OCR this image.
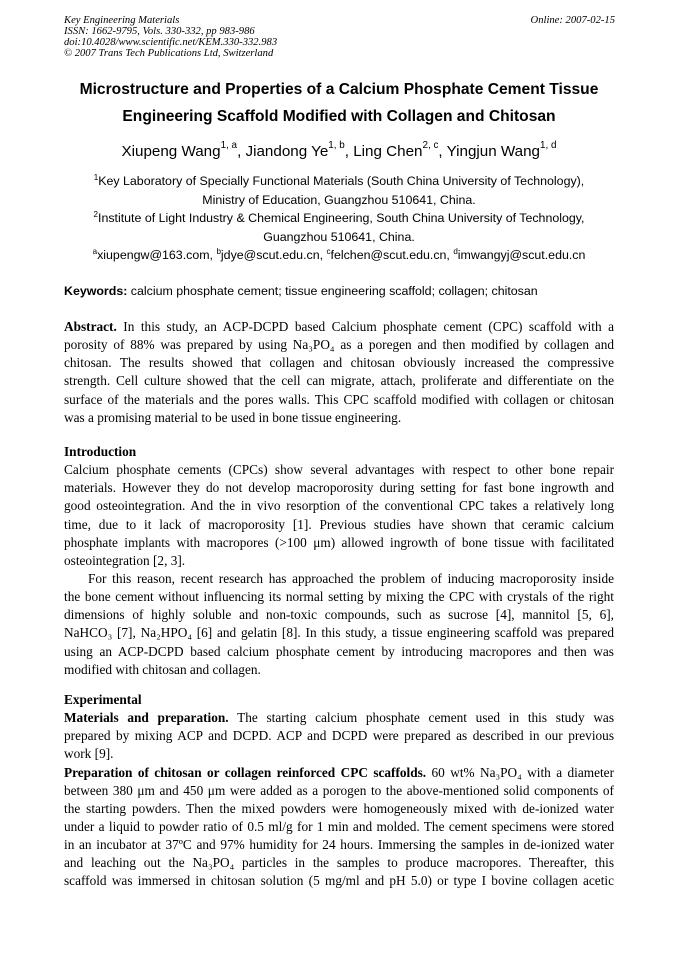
Key Engineering Materials
ISSN: 1662-9795, Vols. 330-332, pp 983-986
doi:10.4028/www.scientific.net/KEM.330-332.983
© 2007 Trans Tech Publications Ltd, Switzerland
Online: 2007-02-15
Microstructure and Properties of a Calcium Phosphate Cement Tissue
Engineering Scaffold Modified with Collagen and Chitosan
Xiupeng Wang$^{1, a}$, Jiandong Ye$^{1, b}$, Ling Chen$^{2, c}$, Yingjun Wang$^{1, d}$
$^1$Key Laboratory of Specially Functional Materials (South China University of Technology),
Ministry of Education, Guangzhou 510641, China.
$^2$Institute of Light Industry & Chemical Engineering, South China University of Technology,
Guangzhou 510641, China.
$^a$xiupengw@163.com, $^b$jdye@scut.edu.cn, $^c$felchen@scut.edu.cn, $^d$imwangyj@scut.edu.cn
Keywords: calcium phosphate cement; tissue engineering scaffold; collagen; chitosan
Abstract. In this study, an ACP-DCPD based Calcium phosphate cement (CPC) scaffold with a
porosity of 88% was prepared by using Na₃PO₄ as a poregen and then modified by collagen and
chitosan. The results showed that collagen and chitosan obviously increased the compressive
strength. Cell culture showed that the cell can migrate, attach, proliferate and differentiate on the
surface of the materials and the pores walls. This CPC scaffold modified with collagen or chitosan
was a promising material to be used in bone tissue engineering.
Introduction
Calcium phosphate cements (CPCs) show several advantages with respect to other bone repair
materials. However they do not develop macroporosity during setting for fast bone ingrowth and
good osteointegration. And the in vivo resorption of the conventional CPC takes a relatively long
time, due to it lack of macroporosity [1]. Previous studies have shown that ceramic calcium
phosphate implants with macropores (>100 μm) allowed ingrowth of bone tissue with facilitated
osteointegration [2, 3].
For this reason, recent research has approached the problem of inducing macroporosity inside
the bone cement without influencing its normal setting by mixing the CPC with crystals of the right
dimensions of highly soluble and non-toxic compounds, such as sucrose [4], mannitol [5, 6],
NaHCO₃ [7], Na₂HPO₄ [6] and gelatin [8]. In this study, a tissue engineering scaffold was prepared
using an ACP-DCPD based calcium phosphate cement by introducing macropores and then was
modified with chitosan and collagen.
Experimental
Materials and preparation. The starting calcium phosphate cement used in this study was
prepared by mixing ACP and DCPD. ACP and DCPD were prepared as described in our previous
work [9].
Preparation of chitosan or collagen reinforced CPC scaffolds. 60 wt% Na₃PO₄ with a diameter
between 380 μm and 450 μm were added as a porogen to the above-mentioned solid components of
the starting powders. Then the mixed powders were homogeneously mixed with de-ionized water
under a liquid to powder ratio of 0.5 ml/g for 1 min and molded. The cement specimens were stored
in an incubator at 37ºC and 97% humidity for 24 hours. Immersing the samples in de-ionized water
and leaching out the Na₃PO₄ particles in the samples to produce macropores. Thereafter, this
scaffold was immersed in chitosan solution (5 mg/ml and pH 5.0) or type I bovine collagen acetic
